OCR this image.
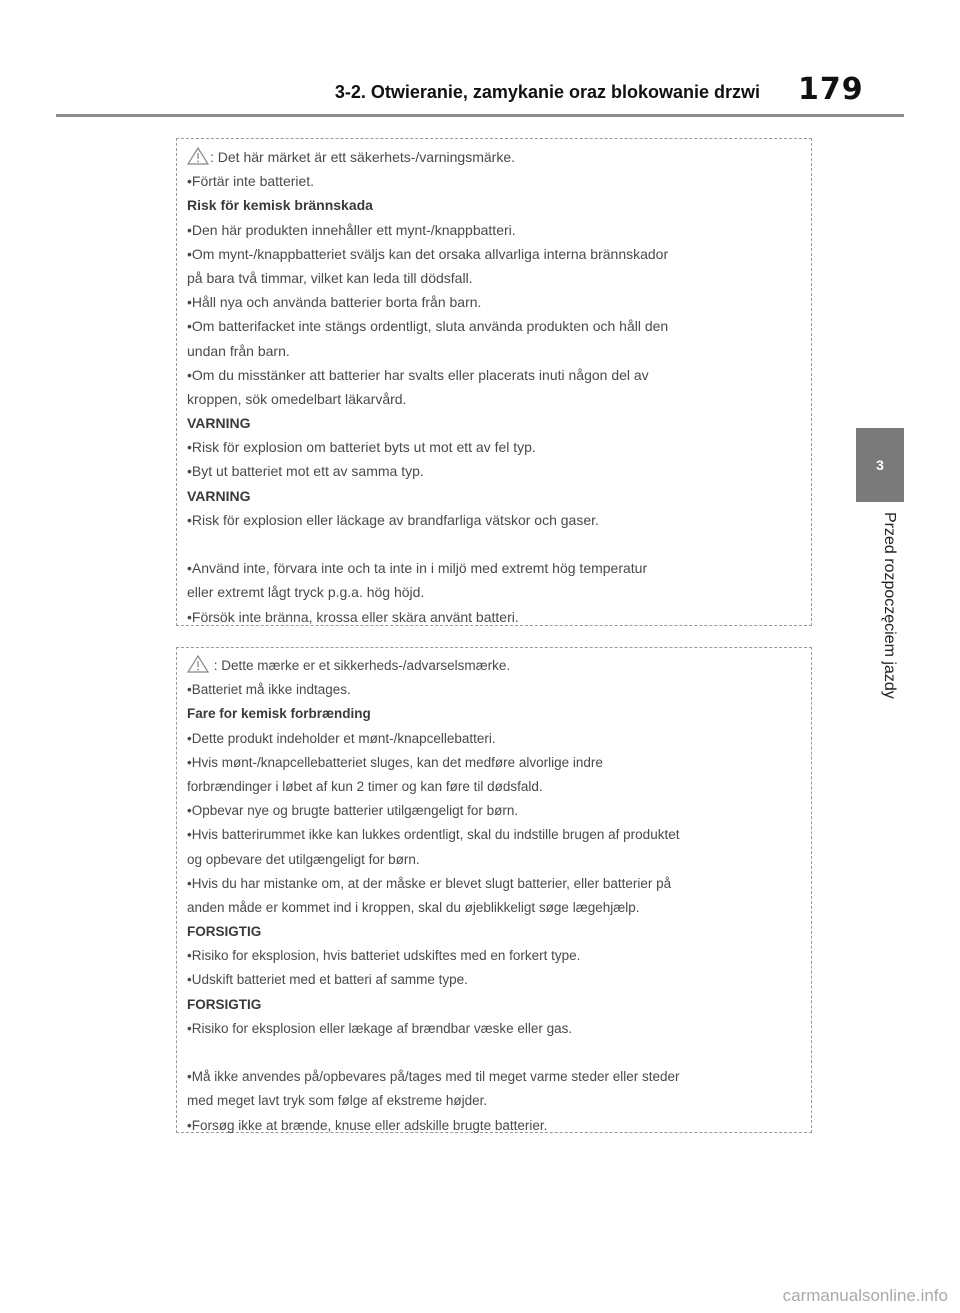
3-2. Otwieranie, zamykanie oraz blokowanie drzwi 179
3
Przed rozpoczęciem jazdy
: Det här märket är ett säkerhets-/varningsmärke.
•Förtär inte batteriet.
Risk för kemisk brännskada
•Den här produkten innehåller ett mynt-/knappbatteri.
•Om mynt-/knappbatteriet sväljs kan det orsaka allvarliga interna brännskador
på bara två timmar, vilket kan leda till dödsfall.
•Håll nya och använda batterier borta från barn.
•Om batterifacket inte stängs ordentligt, sluta använda produkten och håll den
undan från barn.
•Om du misstänker att batterier har svalts eller placerats inuti någon del av
kroppen, sök omedelbart läkarvård.
VARNING
•Risk för explosion om batteriet byts ut mot ett av fel typ.
•Byt ut batteriet mot ett av samma typ.
VARNING
•Risk för explosion eller läckage av brandfarliga vätskor och gaser.
•Använd inte, förvara inte och ta inte in i miljö med extremt hög temperatur
eller extremt lågt tryck p.g.a. hög höjd.
•Försök inte bränna, krossa eller skära använt batteri.
: Dette mærke er et sikkerheds-/advarselsmærke.
•Batteriet må ikke indtages.
Fare for kemisk forbrænding
•Dette produkt indeholder et mønt-/knapcellebatteri.
•Hvis mønt-/knapcellebatteriet sluges, kan det medføre alvorlige indre
forbrændinger i løbet af kun 2 timer og kan føre til dødsfald.
•Opbevar nye og brugte batterier utilgængeligt for børn.
•Hvis batterirummet ikke kan lukkes ordentligt, skal du indstille brugen af produktet
og opbevare det utilgængeligt for børn.
•Hvis du har mistanke om, at der måske er blevet slugt batterier, eller batterier på
anden måde er kommet ind i kroppen, skal du øjeblikkeligt søge lægehjælp.
FORSIGTIG
•Risiko for eksplosion, hvis batteriet udskiftes med en forkert type.
•Udskift batteriet med et batteri af samme type.
FORSIGTIG
•Risiko for eksplosion eller lækage af brændbar væske eller gas.
•Må ikke anvendes på/opbevares på/tages med til meget varme steder eller steder
med meget lavt tryk som følge af ekstreme højder.
•Forsøg ikke at brænde, knuse eller adskille brugte batterier.
carmanualsonline.info
